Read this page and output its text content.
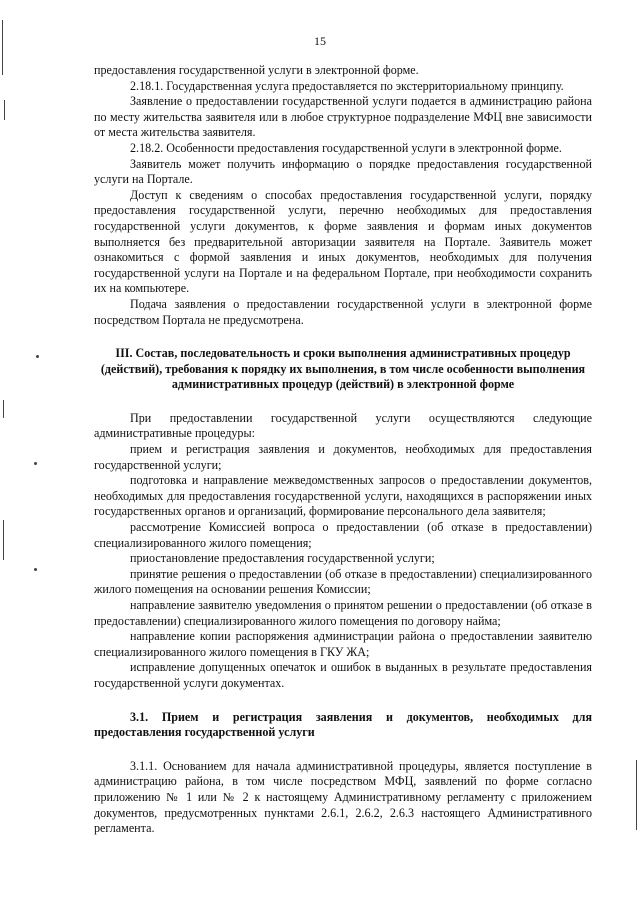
15

предоставления государственной услуги в электронной форме.

2.18.1. Государственная услуга предоставляется по экстерриториальному принципу.

Заявление о предоставлении государственной услуги подается в администрацию района по месту жительства заявителя или в любое структурное подразделение МФЦ вне зависимости от места жительства заявителя.

2.18.2. Особенности предоставления государственной услуги в электронной форме.

Заявитель может получить информацию о порядке предоставления государственной услуги на Портале.

Доступ к сведениям о способах предоставления государственной услуги, порядку предоставления государственной услуги, перечню необходимых для предоставления государственной услуги документов, к форме заявления и формам иных документов выполняется без предварительной авторизации заявителя на Портале. Заявитель может ознакомиться с формой заявления и иных документов, необходимых для получения государственной услуги на Портале и на федеральном Портале, при необходимости сохранить их на компьютере.

Подача заявления о предоставлении государственной услуги в электронной форме посредством Портала не предусмотрена.

III. Состав, последовательность и сроки выполнения административных процедур (действий), требования к порядку их выполнения, в том числе особенности выполнения административных процедур (действий) в электронной форме

При предоставлении государственной услуги осуществляются следующие административные процедуры:

прием и регистрация заявления и документов, необходимых для предоставления государственной услуги;

подготовка и направление межведомственных запросов о предоставлении документов, необходимых для предоставления государственной услуги, находящихся в распоряжении иных государственных органов и организаций, формирование персонального дела заявителя;

рассмотрение Комиссией вопроса о предоставлении (об отказе в предоставлении) специализированного жилого помещения;

приостановление предоставления государственной услуги;

принятие решения о предоставлении (об отказе в предоставлении) специализированного жилого помещения на основании решения Комиссии;

направление заявителю уведомления о принятом решении о предоставлении (об отказе в предоставлении) специализированного жилого помещения по договору найма;

направление копии распоряжения администрации района о предоставлении заявителю специализированного жилого помещения в ГКУ ЖА;

исправление допущенных опечаток и ошибок в выданных в результате предоставления государственной услуги документах.

3.1. Прием и регистрация заявления и документов, необходимых для предоставления государственной услуги

3.1.1. Основанием для начала административной процедуры, является поступление в администрацию района, в том числе посредством МФЦ, заявлений по форме согласно приложению № 1 или № 2 к настоящему Административному регламенту с приложением документов, предусмотренных пунктами 2.6.1, 2.6.2, 2.6.3 настоящего Административного регламента.
